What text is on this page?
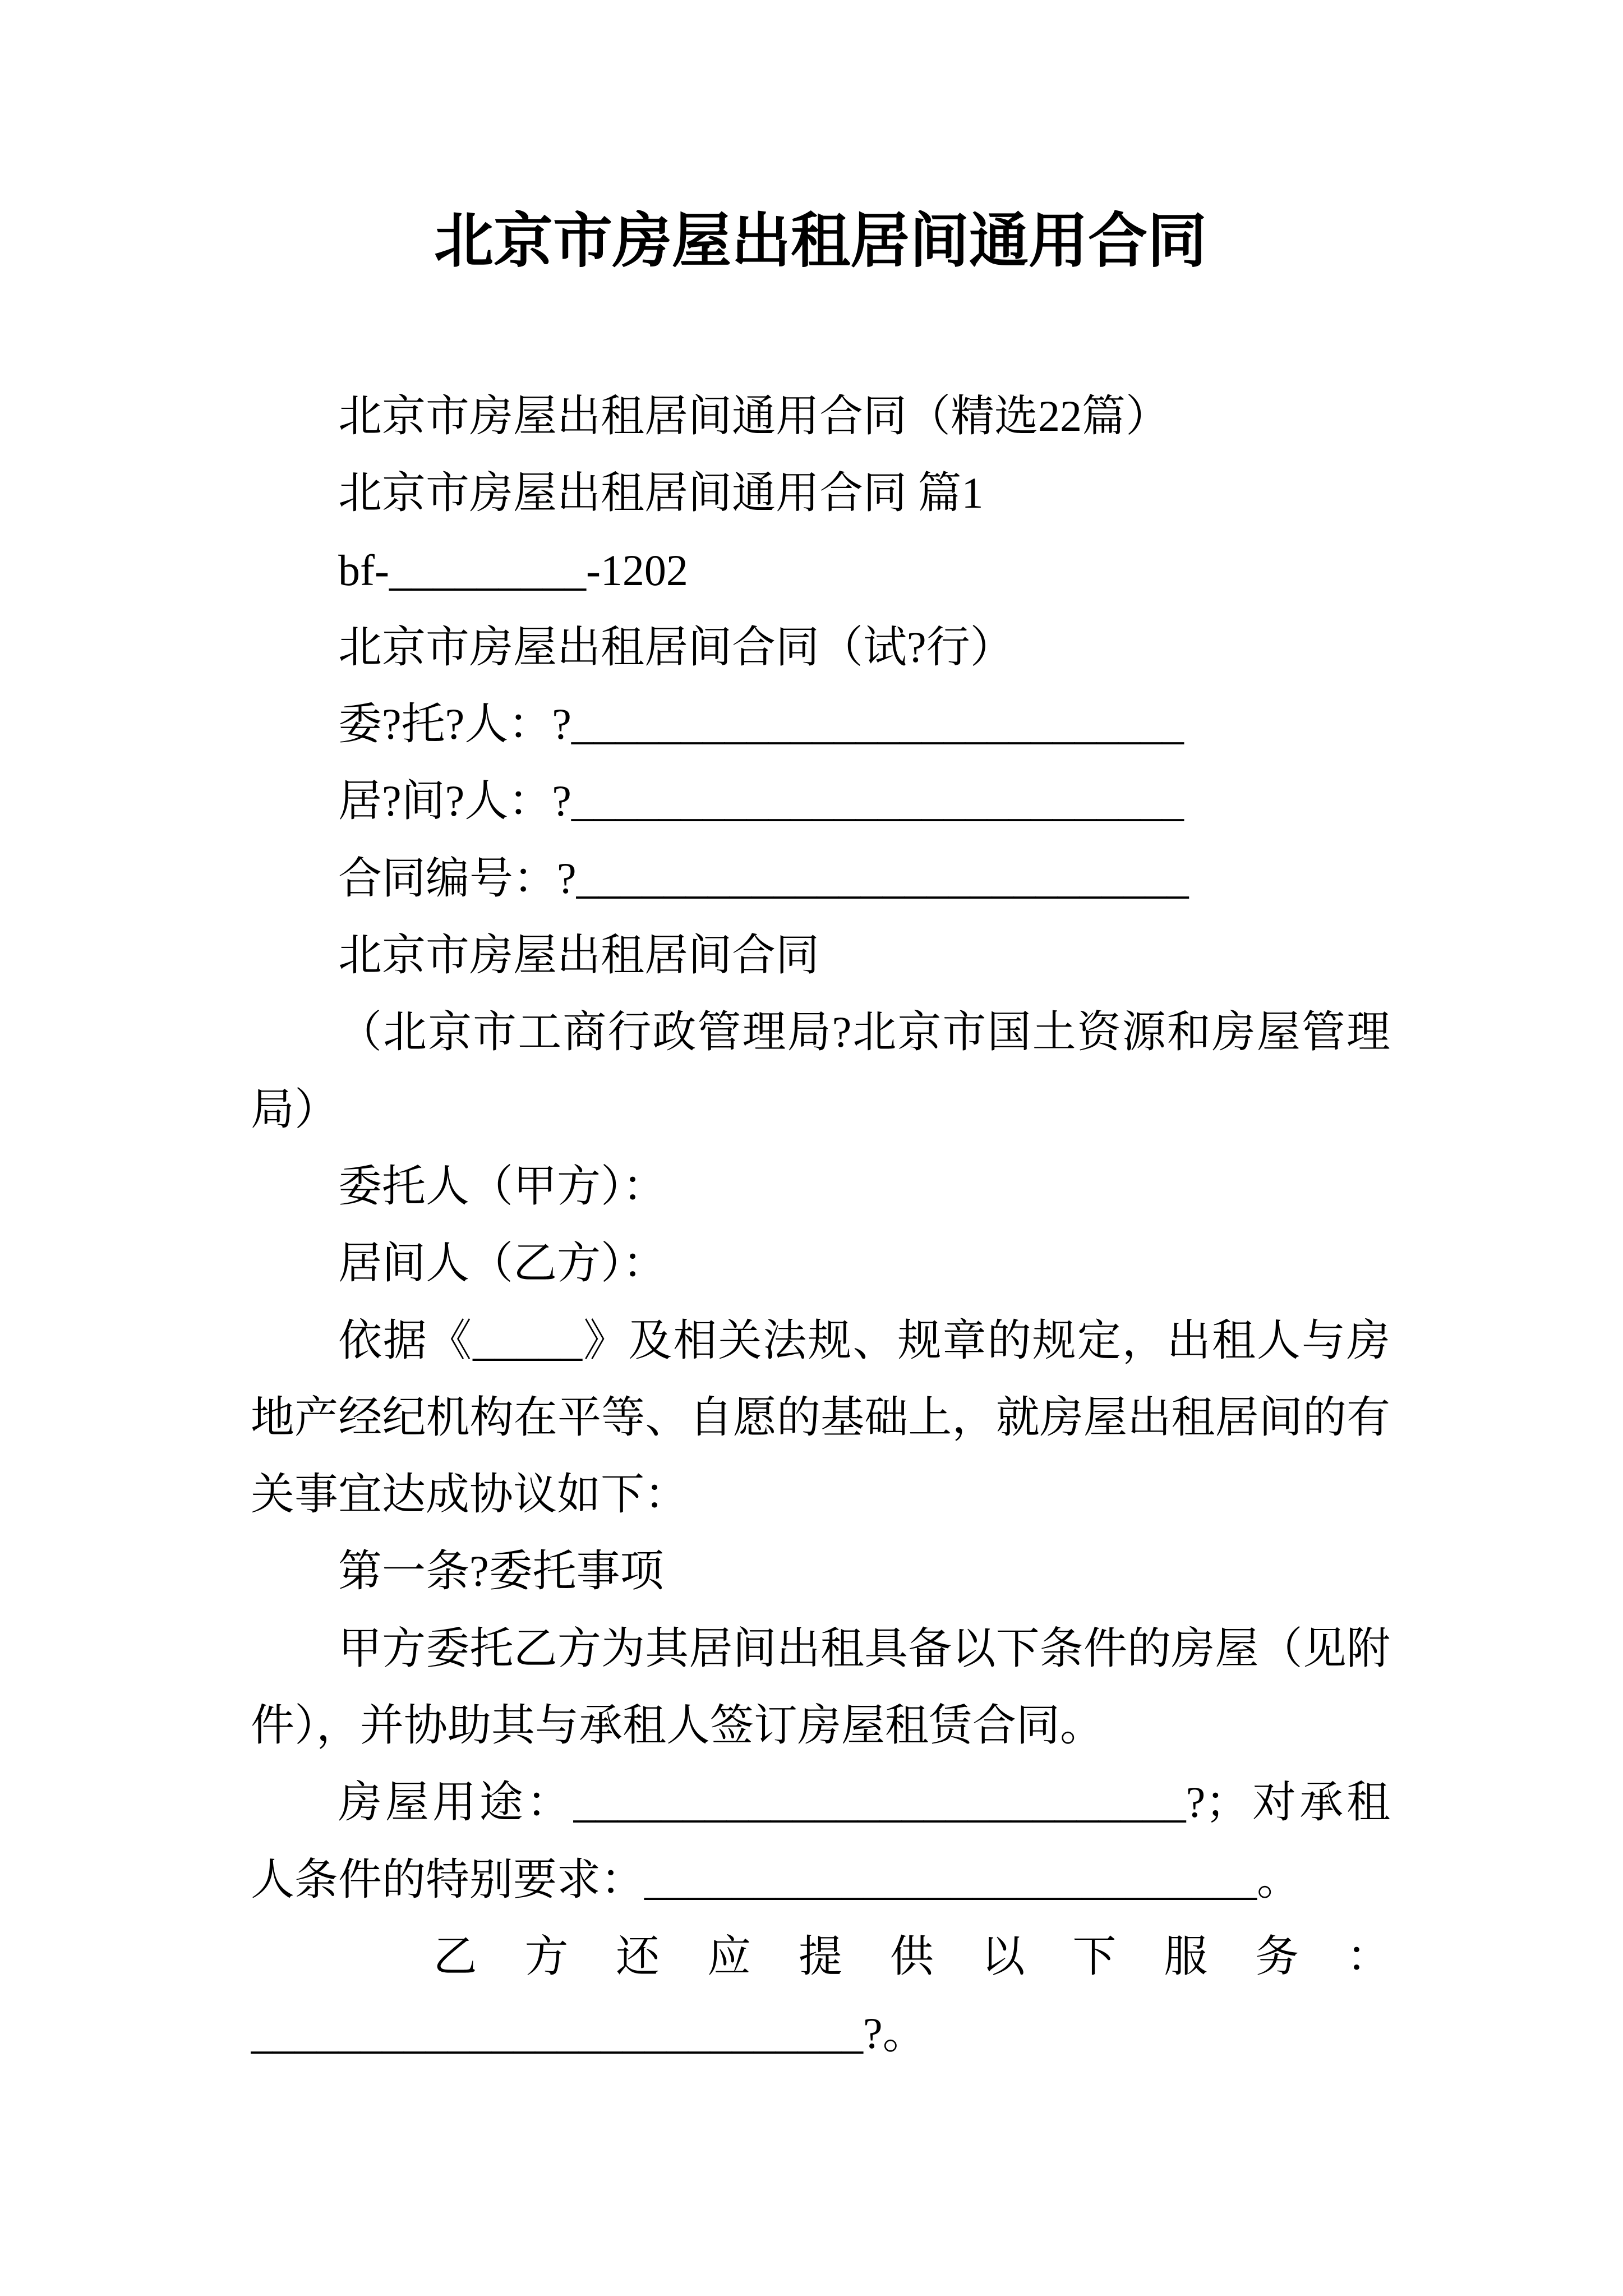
北京市房屋出租居间通用合同
北京市房屋出租居间通用合同（精选22篇）
北京市房屋出租居间通用合同 篇1
bf-_________-1202
北京市房屋出租居间合同（试?行）
委?托?人：?____________________________
居?间?人：?____________________________
合同编号：?____________________________
北京市房屋出租居间合同
（北京市工商行政管理局?北京市国土资源和房屋管理
局）
委托人（甲方）：
居间人（乙方）：
依据《_____》及相关法规、规章的规定，出租人与房
地产经纪机构在平等、自愿的基础上，就房屋出租居间的有
关事宜达成协议如下：
第一条?委托事项
甲方委托乙方为其居间出租具备以下条件的房屋（见附
件），并协助其与承租人签订房屋租赁合同。
房屋用途：____________________________?；对承租
人条件的特别要求：____________________________。
乙 方 还 应 提 供 以 下 服 务 ：
____________________________?。
